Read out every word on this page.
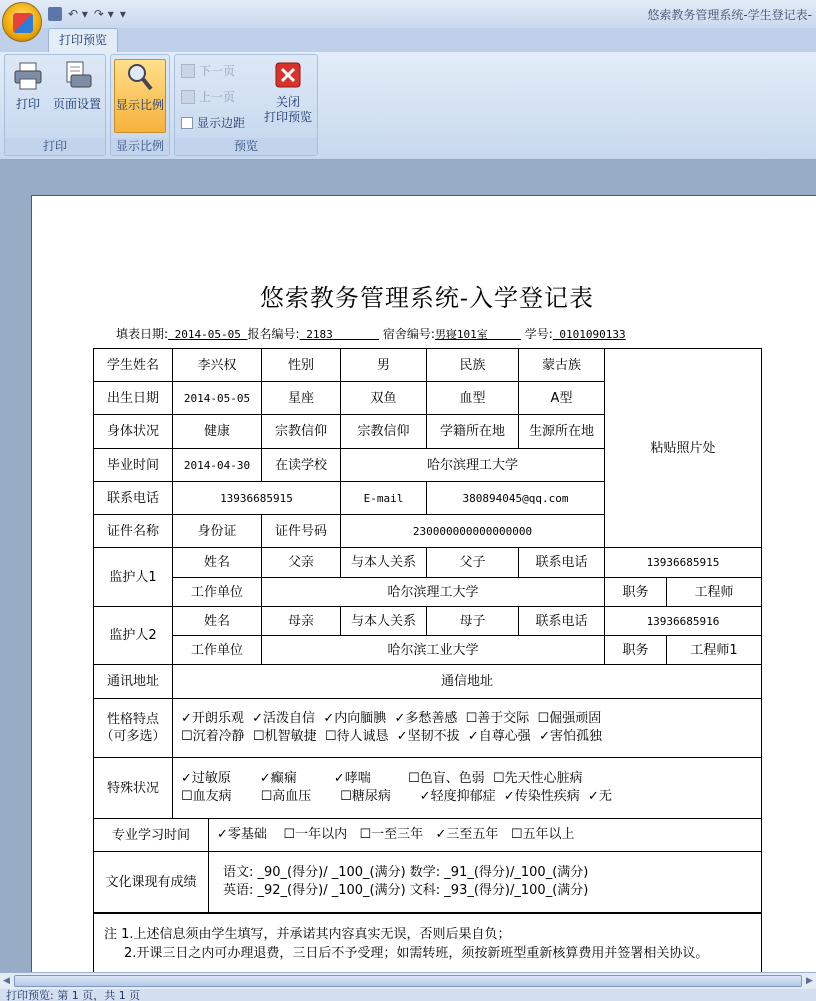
↶ ▾ ↷ ▾ ▾	悠索教务管理系统-学生登记表-
打印预览
打印	页面设置
打印
显示比例
显示比例
下一页
上一页
显示边距
关闭
打印预览
预览
悠索教务管理系统-入学登记表
填表日期: 2014-05-05 报名编号: 2183        宿舍编号:男寝101室      学号: 0101090133
学生姓名	李兴权	性别	男	民族	蒙古族
粘贴照片处
出生日期	2014-05-05	星座	双鱼	血型	A型
身体状况	健康	宗教信仰	宗教信仰	学籍所在地	生源所在地
毕业时间	2014-04-30	在读学校	哈尔滨理工大学
联系电话	13936685915	E-mail	380894045@qq.com
证件名称	身份证	证件号码	230000000000000000
监护人1
姓名	父亲	与本人关系	父子	联系电话	13936685915
工作单位	哈尔滨理工大学	职务	工程师
监护人2
姓名	母亲	与本人关系	母子	联系电话	13936685916
工作单位	哈尔滨工业大学	职务	工程师1
通讯地址	通信地址
性格特点
（可多选）
✓开朗乐观  ✓活泼自信  ✓内向腼腆  ✓多愁善感  ☐善于交际  ☐倔强顽固
☐沉着冷静  ☐机智敏捷  ☐待人诚恳  ✓坚韧不拔  ✓自尊心强  ✓害怕孤独
特殊状况
✓过敏原       ✓癫痫         ✓哮喘         ☐色盲、色弱  ☐先天性心脏病
☐血友病       ☐高血压       ☐糖尿病       ✓轻度抑郁症  ✓传染性疾病  ✓无
专业学习时间	✓零基础    ☐一年以内   ☐一至三年   ✓三至五年   ☐五年以上
文化课现有成绩
语文: _90_(得分)/ _100_(满分) 数学: _91_(得分)/_100_(满分)
英语: _92_(得分)/ _100_(满分) 文科: _93_(得分)/_100_(满分)
注 1.上述信息须由学生填写，并承诺其内容真实无误，否则后果自负；
2.开课三日之内可办理退费，三日后不予受理；如需转班，须按新班型重新核算费用并签署相关协议。
◀	▶
打印预览: 第 1 页，共 1 页
